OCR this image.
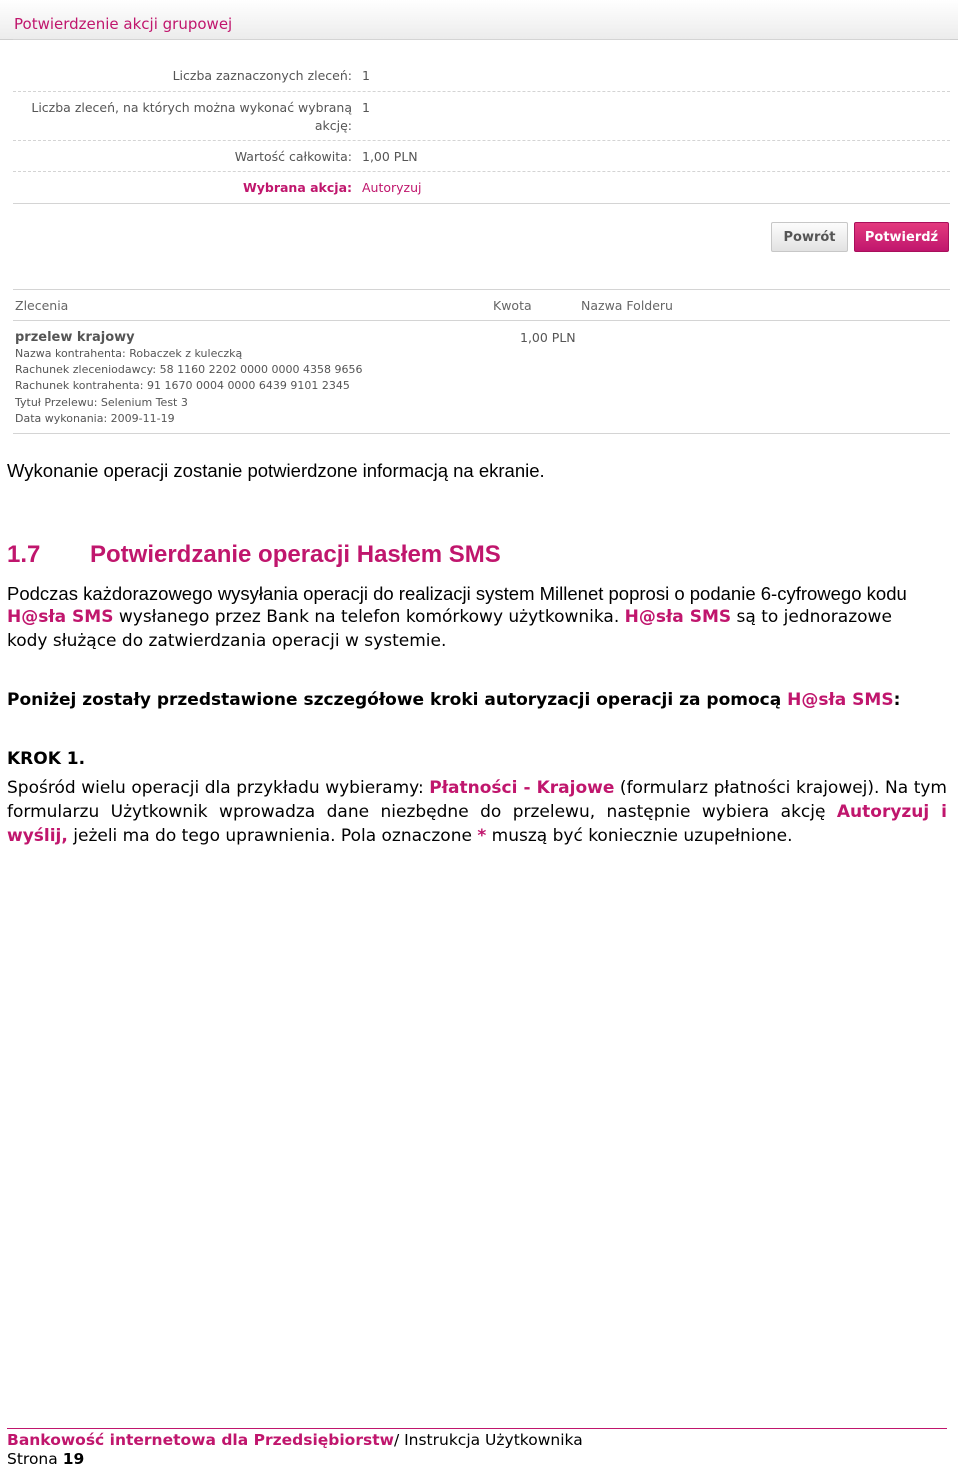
Potwierdzenie akcji grupowej
Liczba zaznaczonych zleceń: 1
Liczba zleceń, na których można wykonać wybraną
akcję:
1
Wartość całkowita: 1,00 PLN
Wybrana akcja: Autoryzuj
Powrót	Potwierdź
Zlecenia	Kwota	Nazwa Folderu
przelew krajowy	1,00 PLN
Nazwa kontrahenta: Robaczek z kuleczką
Rachunek zleceniodawcy: 58 1160 2202 0000 0000 4358 9656
Rachunek kontrahenta: 91 1670 0004 0000 6439 9101 2345
Tytuł Przelewu: Selenium Test 3
Data wykonania: 2009-11-19
Wykonanie operacji zostanie potwierdzone informacją na ekranie.
1.7 Potwierdzanie operacji Hasłem SMS
Podczas każdorazowego wysyłania operacji do realizacji system Millenet poprosi o podanie 6-cyfrowego kodu
H@sła SMS wysłanego przez Bank na telefon komórkowy użytkownika. H@sła SMS są to jednorazowe
kody służące do zatwierdzania operacji w systemie.
Poniżej zostały przedstawione szczegółowe kroki autoryzacji operacji za pomocą H@sła SMS:
KROK 1.
Spośród wielu operacji dla przykładu wybieramy: Płatności - Krajowe (formularz płatności krajowej). Na tym formularzu Użytkownik wprowadza dane niezbędne do przelewu, następnie wybiera akcję Autoryzuj i wyślij, jeżeli ma do tego uprawnienia. Pola oznaczone * muszą być koniecznie uzupełnione.
Bankowość internetowa dla Przedsiębiorstw/ Instrukcja Użytkownika
Strona 19
